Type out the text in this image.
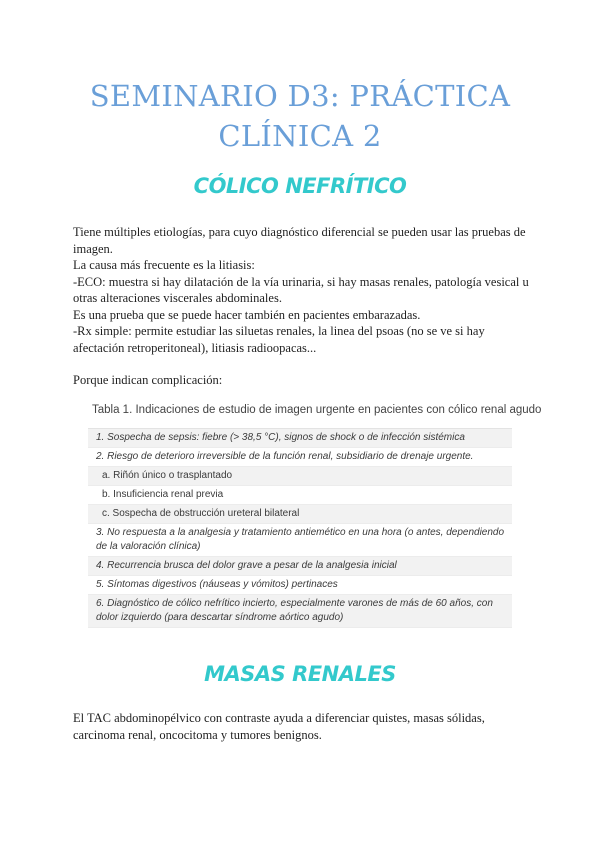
SEMINARIO D3: PRÁCTICA
CLÍNICA 2
CÓLICO NEFRÍTICO

Tiene múltiples etiologías, para cuyo diagnóstico diferencial se pueden usar las pruebas de imagen.

La causa más frecuente es la litiasis:

-ECO: muestra si hay dilatación de la vía urinaria, si hay masas renales, patología vesical u otras alteraciones viscerales abdominales.

Es una prueba que se puede hacer también en pacientes embarazadas.

-Rx simple: permite estudiar las siluetas renales, la linea del psoas (no se ve si hay afectación retroperitoneal), litiasis radioopacas...

Porque indican complicación:

Tabla 1. Indicaciones de estudio de imagen urgente en pacientes con cólico renal agudo
1. Sospecha de sepsis: fiebre (> 38,5 °C), signos de shock o de infección sistémica
2. Riesgo de deterioro irreversible de la función renal, subsidiario de drenaje urgente.
a. Riñón único o trasplantado
b. Insuficiencia renal previa
c. Sospecha de obstrucción ureteral bilateral
3. No respuesta a la analgesia y tratamiento antiemético en una hora (o antes, dependiendo de la valoración clínica)
4. Recurrencia brusca del dolor grave a pesar de la analgesia inicial
5. Síntomas digestivos (náuseas y vómitos) pertinaces
6. Diagnóstico de cólico nefrítico incierto, especialmente varones de más de 60 años, con dolor izquierdo (para descartar síndrome aórtico agudo)
MASAS RENALES

El TAC abdominopélvico con contraste ayuda a diferenciar quistes, masas sólidas, carcinoma renal, oncocitoma y tumores benignos.
